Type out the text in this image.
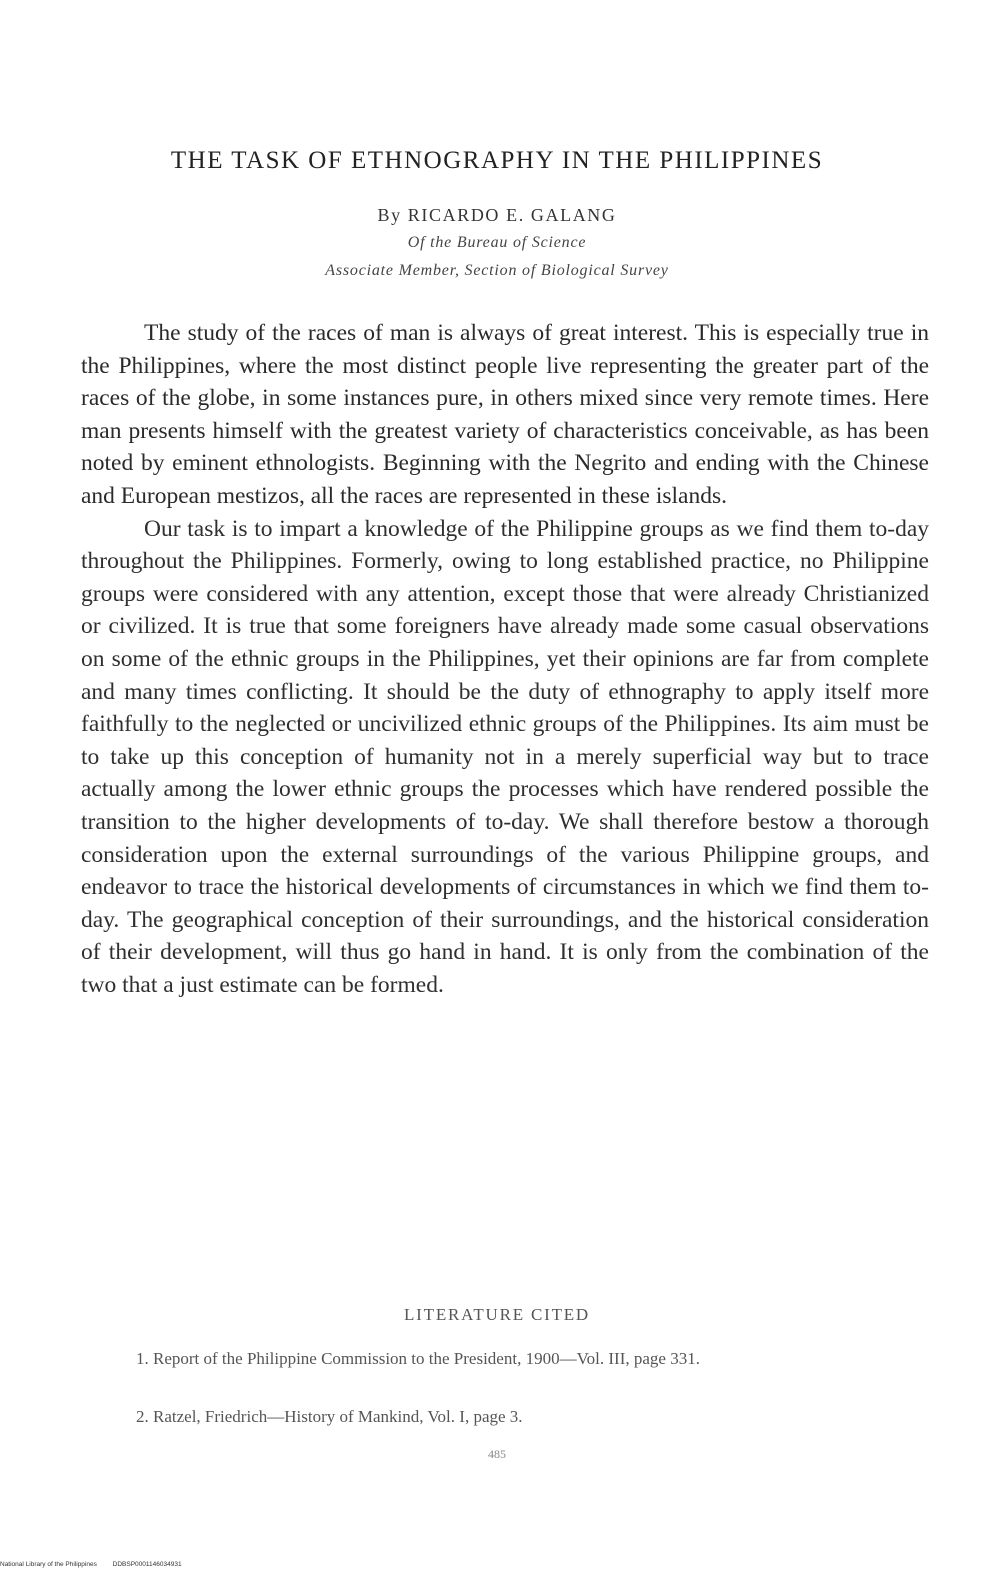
THE TASK OF ETHNOGRAPHY IN THE PHILIPPINES
By RICARDO E. GALANG
Of the Bureau of Science
Associate Member, Section of Biological Survey

The study of the races of man is always of great interest. This is especially true in the Philippines, where the most distinct people live representing the greater part of the races of the globe, in some instances pure, in others mixed since very remote times. Here man presents himself with the greatest variety of characteristics conceivable, as has been noted by eminent ethnologists. Beginning with the Negrito and ending with the Chinese and European mestizos, all the races are represented in these islands.

Our task is to impart a knowledge of the Philippine groups as we find them to-day throughout the Philippines. Formerly, owing to long established practice, no Philippine groups were considered with any attention, except those that were already Christianized or civilized. It is true that some foreigners have already made some casual observations on some of the ethnic groups in the Philippines, yet their opinions are far from complete and many times conflicting. It should be the duty of ethnography to apply itself more faithfully to the neglected or uncivilized ethnic groups of the Philippines. Its aim must be to take up this conception of humanity not in a merely superficial way but to trace actually among the lower ethnic groups the processes which have rendered possible the transition to the higher developments of to-day. We shall therefore bestow a thorough consideration upon the external surroundings of the various Philippine groups, and endeavor to trace the historical developments of circumstances in which we find them to-day. The geographical conception of their surroundings, and the historical consideration of their development, will thus go hand in hand. It is only from the combination of the two that a just estimate can be formed.

LITERATURE CITED
1. Report of the Philippine Commission to the President, 1900—Vol. III, page 331.
2. Ratzel, Friedrich—History of Mankind, Vol. I, page 3.
485
National Library of the Philippines DDBSP0001146034931
